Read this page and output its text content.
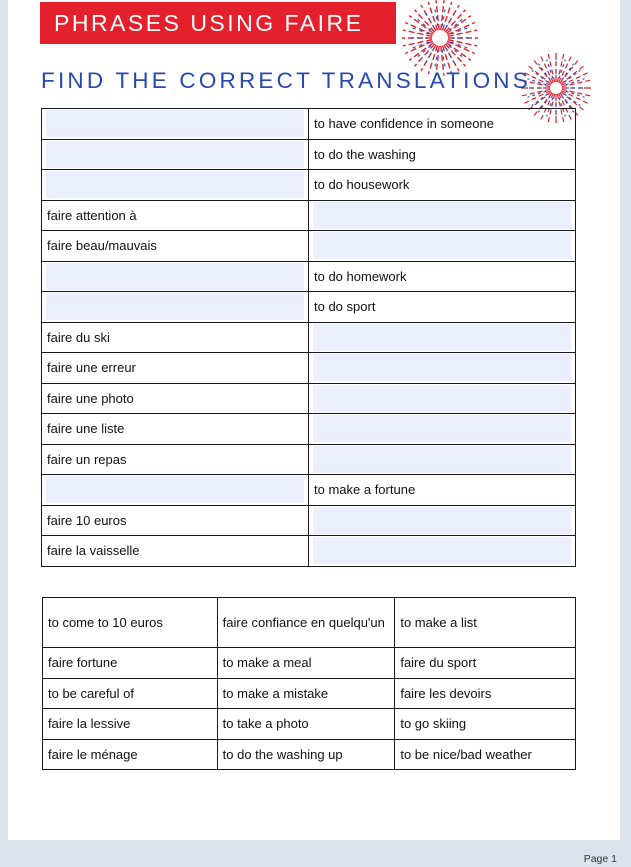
PHRASES USING FAIRE
FIND THE CORRECT TRANSLATIONS
	to have confidence in someone

	to do the washing

	to do housework
faire attention à	

faire beau/mauvais	

	to do homework

	to do sport
faire du ski	

faire une erreur	

faire une photo	

faire une liste	

faire un repas	

	to make a fortune
faire 10 euros	

faire la vaisselle	
to come to 10 euros	faire confiance en quelqu'un	to make a list
faire fortune	to make a meal	faire du sport
to be careful of	to make a mistake	faire les devoirs
faire la lessive	to take a photo	to go skiing
faire le ménage	to do the washing up	to be nice/bad weather
Page 1
